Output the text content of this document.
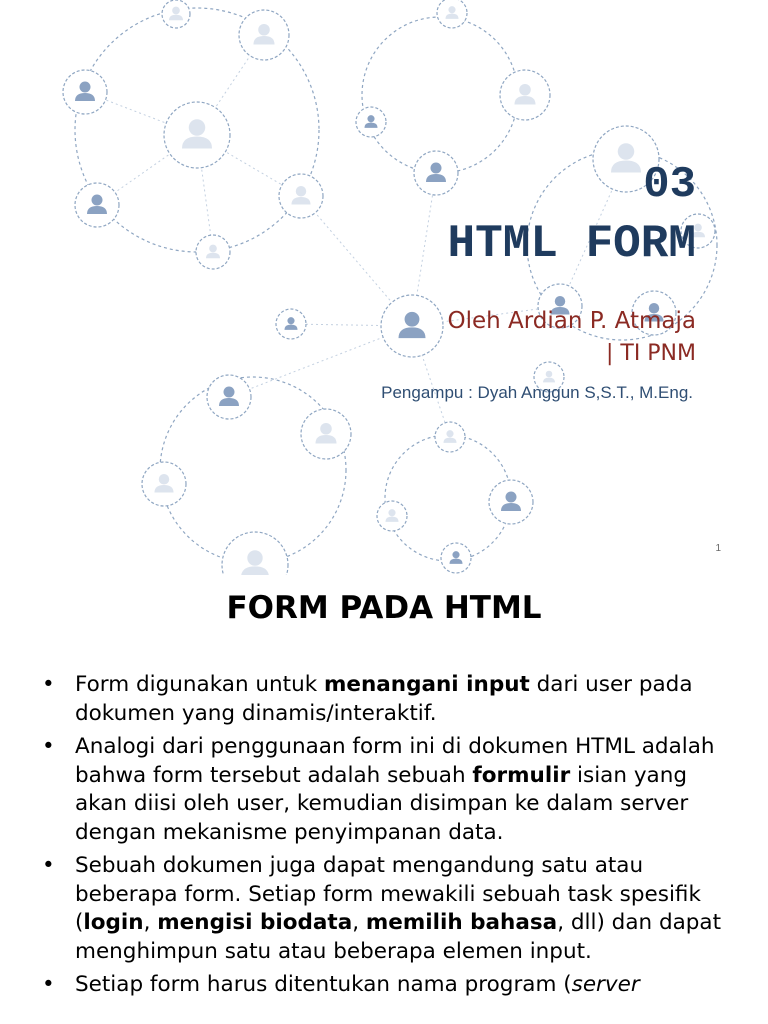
03
HTML FORM
Oleh Ardian P. Atmaja
| TI PNM
Pengampu : Dyah Anggun S,S.T., M.Eng.
1
FORM PADA HTML
• Form digunakan untuk menangani input dari user pada dokumen yang dinamis/interaktif.
• Analogi dari penggunaan form ini di dokumen HTML adalah bahwa form tersebut adalah sebuah formulir isian yang akan diisi oleh user, kemudian disimpan ke dalam server dengan mekanisme penyimpanan data.
• Sebuah dokumen juga dapat mengandung satu atau beberapa form. Setiap form mewakili sebuah task spesifik (login, mengisi biodata, memilih bahasa, dll) dan dapat menghimpun satu atau beberapa elemen input.
• Setiap form harus ditentukan nama program (server
